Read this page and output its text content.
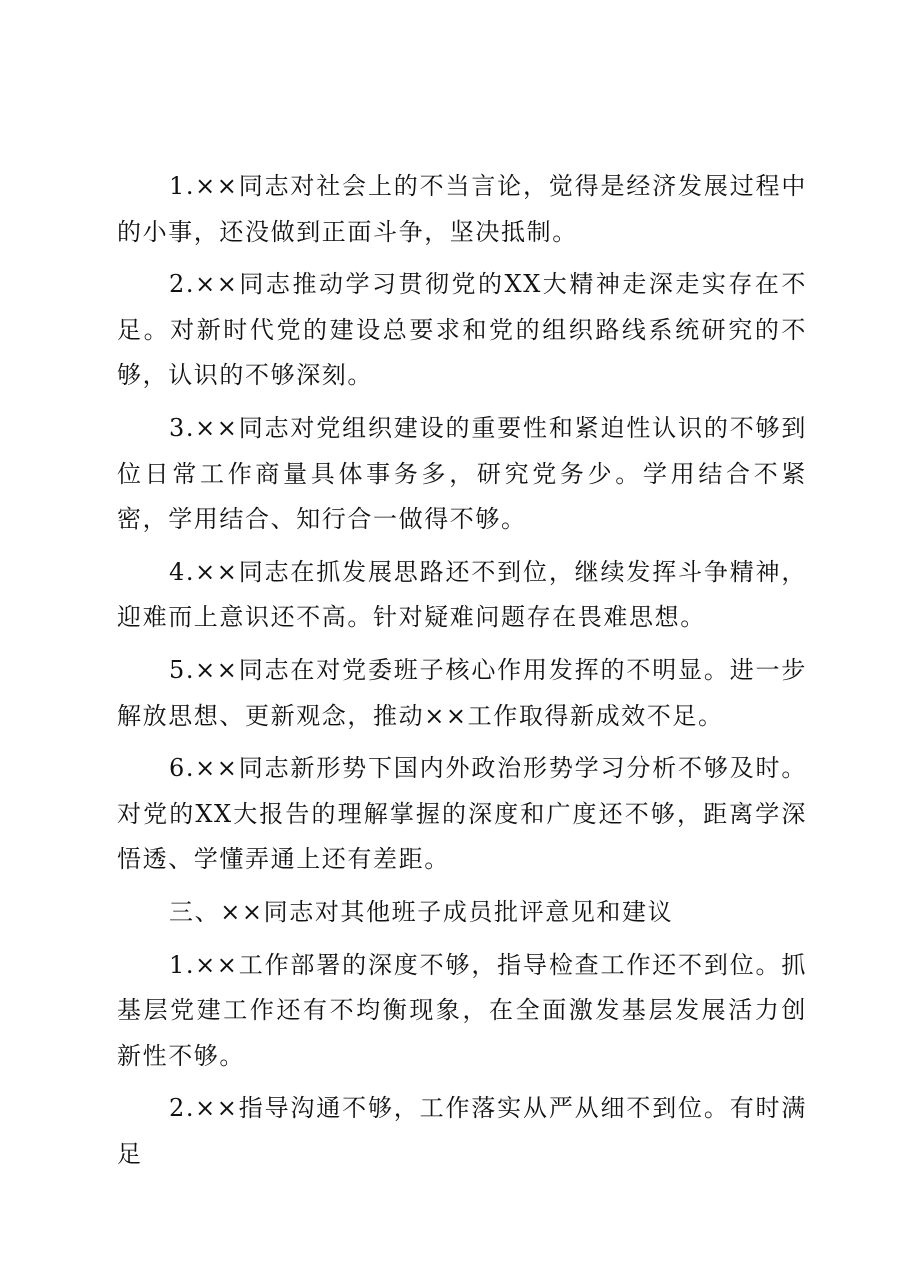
1.××同志对社会上的不当言论，觉得是经济发展过程中的小事，还没做到正面斗争，坚决抵制。

2.××同志推动学习贯彻党的XX大精神走深走实存在不足。对新时代党的建设总要求和党的组织路线系统研究的不够，认识的不够深刻。

3.××同志对党组织建设的重要性和紧迫性认识的不够到位日常工作商量具体事务多，研究党务少。学用结合不紧密，学用结合、知行合一做得不够。

4.××同志在抓发展思路还不到位，继续发挥斗争精神，迎难而上意识还不高。针对疑难问题存在畏难思想。

5.××同志在对党委班子核心作用发挥的不明显。进一步解放思想、更新观念，推动××工作取得新成效不足。

6.××同志新形势下国内外政治形势学习分析不够及时。对党的XX大报告的理解掌握的深度和广度还不够，距离学深悟透、学懂弄通上还有差距。

三、××同志对其他班子成员批评意见和建议

1.××工作部署的深度不够，指导检查工作还不到位。抓基层党建工作还有不均衡现象，在全面激发基层发展活力创新性不够。

2.××指导沟通不够，工作落实从严从细不到位。有时满足
